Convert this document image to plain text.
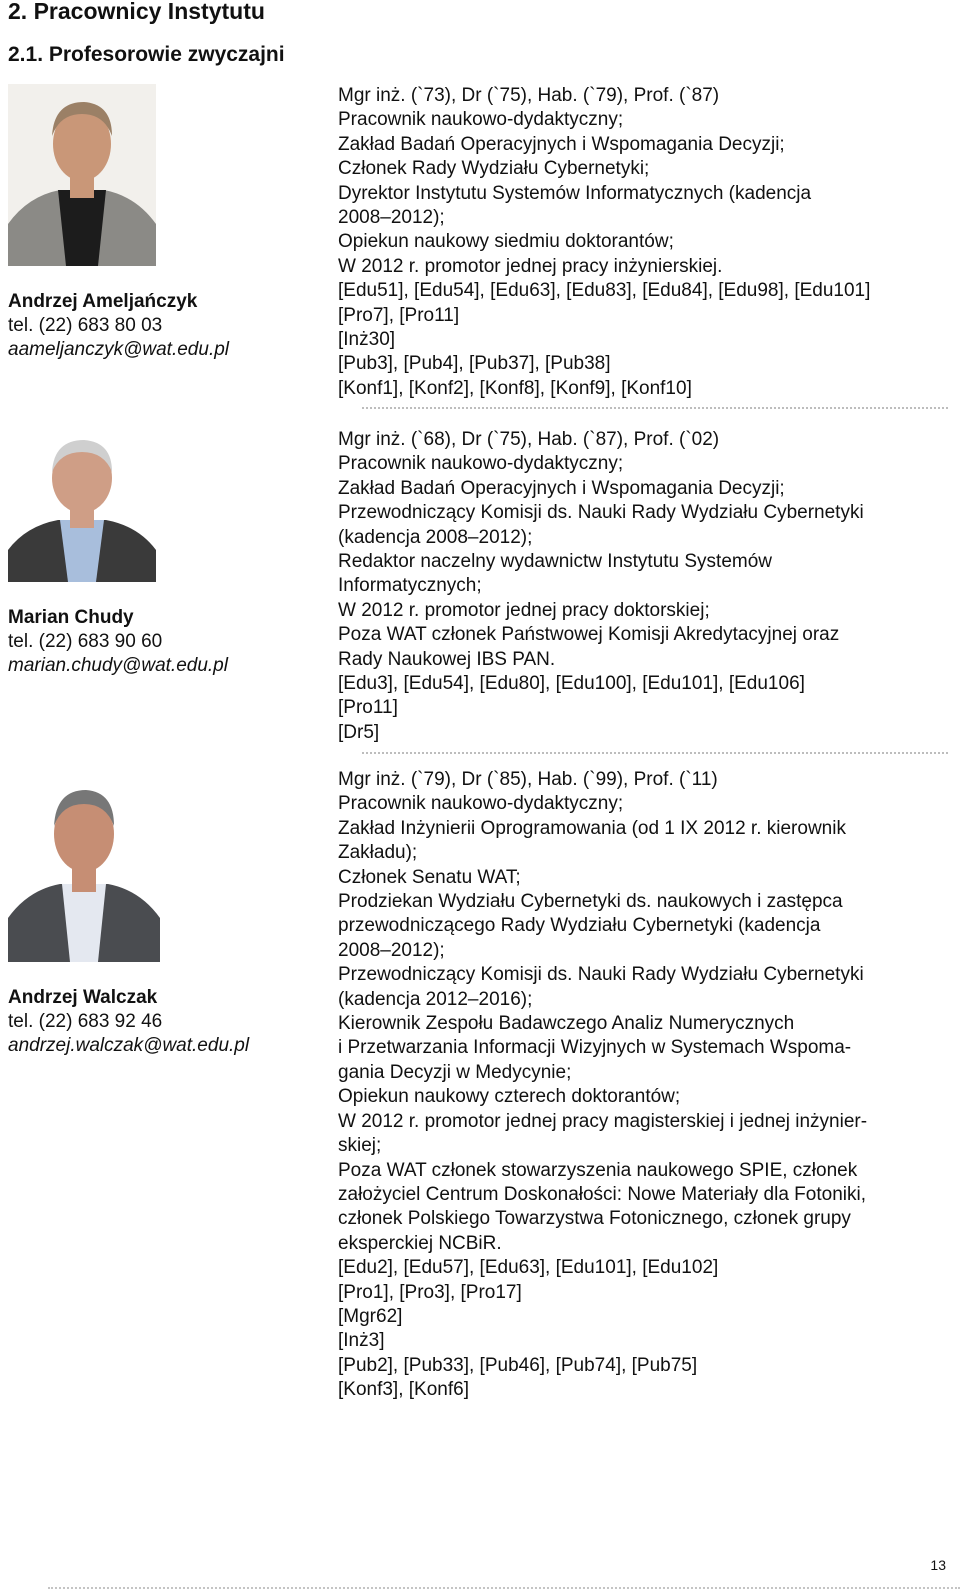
2. Pracownicy Instytutu
2.1. Profesorowie zwyczajni
Andrzej Ameljańczyk
tel. (22) 683 80 03
aameljanczyk@wat.edu.pl
Mgr inż. (`73), Dr (`75), Hab. (`79), Prof. (`87)
Pracownik naukowo-dydaktyczny;
Zakład Badań Operacyjnych i Wspomagania Decyzji;
Członek Rady Wydziału Cybernetyki;
Dyrektor Instytutu Systemów Informatycznych (kadencja
2008‒2012);
Opiekun naukowy siedmiu doktorantów;
W 2012 r. promotor jednej pracy inżynierskiej.
[Edu51], [Edu54], [Edu63], [Edu83], [Edu84], [Edu98], [Edu101]
[Pro7], [Pro11]
[Inż30]
[Pub3], [Pub4], [Pub37], [Pub38]
[Konf1], [Konf2], [Konf8], [Konf9], [Konf10]
Marian Chudy
tel. (22) 683 90 60
marian.chudy@wat.edu.pl
Mgr inż. (`68), Dr (`75), Hab. (`87), Prof. (`02)
Pracownik naukowo-dydaktyczny;
Zakład Badań Operacyjnych i Wspomagania Decyzji;
Przewodniczący Komisji ds. Nauki Rady Wydziału Cybernetyki
(kadencja 2008‒2012);
Redaktor naczelny wydawnictw Instytutu Systemów
Informatycznych;
W 2012 r. promotor jednej pracy doktorskiej;
Poza WAT członek Państwowej Komisji Akredytacyjnej oraz
Rady Naukowej IBS PAN.
[Edu3], [Edu54], [Edu80], [Edu100], [Edu101], [Edu106]
[Pro11]
[Dr5]
Andrzej Walczak
tel. (22) 683 92 46
andrzej.walczak@wat.edu.pl
Mgr inż. (`79), Dr (`85), Hab. (`99), Prof. (`11)
Pracownik naukowo-dydaktyczny;
Zakład Inżynierii Oprogramowania (od 1 IX 2012 r. kierownik
Zakładu);
Członek Senatu WAT;
Prodziekan Wydziału Cybernetyki ds. naukowych i zastępca
przewodniczącego Rady Wydziału Cybernetyki (kadencja
2008‒2012);
Przewodniczący Komisji ds. Nauki Rady Wydziału Cybernetyki
(kadencja 2012‒2016);
Kierownik Zespołu Badawczego Analiz Numerycznych
i Przetwarzania Informacji Wizyjnych w Systemach Wspoma-
gania Decyzji w Medycynie;
Opiekun naukowy czterech doktorantów;
W 2012 r. promotor jednej pracy magisterskiej i jednej inżynier-
skiej;
Poza WAT członek stowarzyszenia naukowego SPIE, członek
założyciel Centrum Doskonałości: Nowe Materiały dla Fotoniki,
członek Polskiego Towarzystwa Fotonicznego, członek grupy
eksperckiej NCBiR.
[Edu2], [Edu57], [Edu63], [Edu101], [Edu102]
[Pro1], [Pro3], [Pro17]
[Mgr62]
[Inż3]
[Pub2], [Pub33], [Pub46], [Pub74], [Pub75]
[Konf3], [Konf6]
13
